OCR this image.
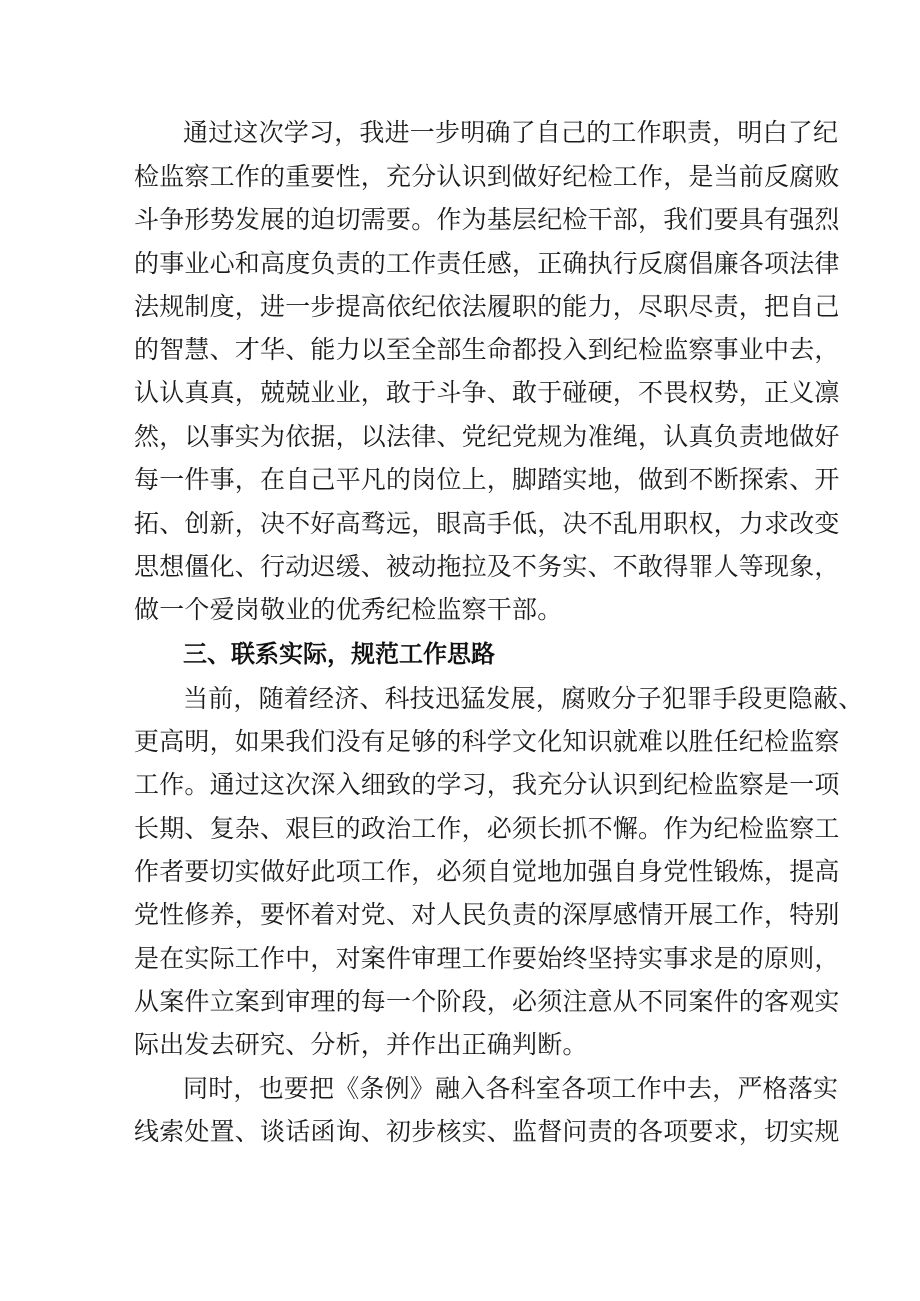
通过这次学习，我进一步明确了自己的工作职责，明白了纪
检监察工作的重要性，充分认识到做好纪检工作，是当前反腐败
斗争形势发展的迫切需要。作为基层纪检干部，我们要具有强烈
的事业心和高度负责的工作责任感，正确执行反腐倡廉各项法律
法规制度，进一步提高依纪依法履职的能力，尽职尽责，把自己
的智慧、才华、能力以至全部生命都投入到纪检监察事业中去，
认认真真，兢兢业业，敢于斗争、敢于碰硬，不畏权势，正义凛
然，以事实为依据，以法律、党纪党规为准绳，认真负责地做好
每一件事，在自己平凡的岗位上，脚踏实地，做到不断探索、开
拓、创新，决不好高骛远，眼高手低，决不乱用职权，力求改变
思想僵化、行动迟缓、被动拖拉及不务实、不敢得罪人等现象，
做一个爱岗敬业的优秀纪检监察干部。
三、联系实际，规范工作思路
当前，随着经济、科技迅猛发展，腐败分子犯罪手段更隐蔽、
更高明，如果我们没有足够的科学文化知识就难以胜任纪检监察
工作。通过这次深入细致的学习，我充分认识到纪检监察是一项
长期、复杂、艰巨的政治工作，必须长抓不懈。作为纪检监察工
作者要切实做好此项工作，必须自觉地加强自身党性锻炼，提高
党性修养，要怀着对党、对人民负责的深厚感情开展工作，特别
是在实际工作中，对案件审理工作要始终坚持实事求是的原则，
从案件立案到审理的每一个阶段，必须注意从不同案件的客观实
际出发去研究、分析，并作出正确判断。
同时，也要把《条例》融入各科室各项工作中去，严格落实
线索处置、谈话函询、初步核实、监督问责的各项要求，切实规
